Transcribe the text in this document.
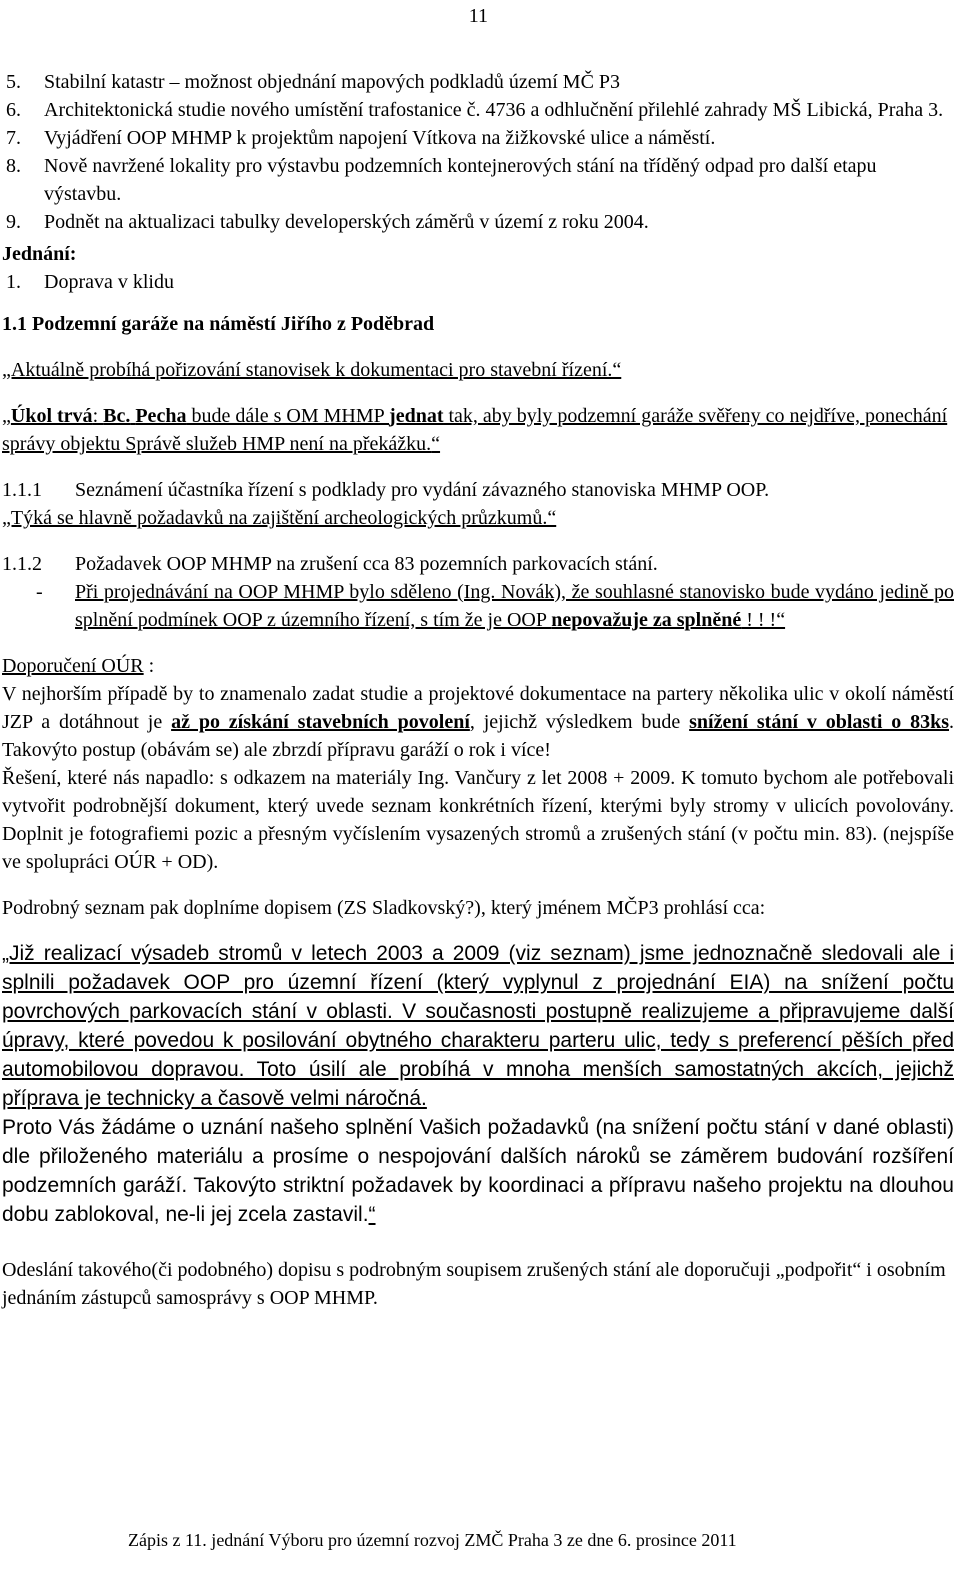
11
5.	Stabilní katastr – možnost objednání mapových podkladů území MČ P3
6.	Architektonická studie nového umístění trafostanice č. 4736 a odhlučnění přilehlé zahrady MŠ Libická, Praha 3.
7.	Vyjádření OOP MHMP k projektům napojení Vítkova na žižkovské ulice a náměstí.
8.	Nově navržené lokality pro výstavbu podzemních kontejnerových stání na tříděný odpad pro další etapu výstavbu.
9.	Podnět na aktualizaci tabulky developerských záměrů v území z roku 2004.

Jednání:

1.	Doprava v klidu

1.1 Podzemní garáže na náměstí Jiřího z Poděbrad

„Aktuálně probíhá pořizování stanovisek k dokumentaci pro stavební řízení.“

„Úkol trvá: Bc. Pecha bude dále s OM MHMP jednat tak, aby byly podzemní garáže svěřeny co nejdříve, ponechání správy objektu Správě služeb HMP není na překážku.“

1.1.1	Seznámení účastníka řízení s podklady pro vydání závazného stanoviska MHMP OOP.

„Týká se hlavně požadavků na zajištění archeologických průzkumů.“

1.1.2	Požadavek OOP MHMP na zrušení cca 83 pozemních parkovacích stání.
-	Při projednávání na OOP MHMP bylo sděleno (Ing. Novák), že souhlasné stanovisko bude vydáno jedině po splnění podmínek OOP z územního řízení, s tím že je OOP nepovažuje za splněné ! ! !“

Doporučení OÚR :

V nejhorším případě by to znamenalo zadat studie a projektové dokumentace na partery několika ulic v okolí náměstí JZP a dotáhnout je až po získání stavebních povolení, jejichž výsledkem bude snížení stání v oblasti o 83ks. Takovýto postup (obávám se) ale zbrzdí přípravu garáží o rok i více!

Řešení, které nás napadlo: s odkazem na materiály Ing. Vančury z let 2008 + 2009. K tomuto bychom ale potřebovali vytvořit podrobnější dokument, který uvede seznam konkrétních řízení, kterými byly stromy v ulicích povolovány. Doplnit je fotografiemi pozic a přesným vyčíslením vysazených stromů a zrušených stání (v počtu min. 83). (nejspíše ve spolupráci OÚR + OD).

Podrobný seznam pak doplníme dopisem (ZS Sladkovský?), který jménem MČP3 prohlásí cca:

„Již realizací výsadeb stromů v letech 2003 a 2009 (viz seznam) jsme jednoznačně sledovali ale i splnili požadavek OOP pro územní řízení (který vyplynul z projednání EIA) na snížení počtu povrchových parkovacích stání v oblasti. V současnosti postupně realizujeme a připravujeme další úpravy, které povedou k posilování obytného charakteru parteru ulic, tedy s preferencí pěších před automobilovou dopravou. Toto úsilí ale probíhá v mnoha menších samostatných akcích, jejichž příprava je technicky a časově velmi náročná.

Proto Vás žádáme o uznání našeho splnění Vašich požadavků (na snížení počtu stání v dané oblasti) dle přiloženého materiálu a prosíme o nespojování dalších nároků se záměrem budování rozšíření podzemních garáží. Takovýto striktní požadavek by koordinaci a přípravu našeho projektu na dlouhou dobu zablokoval, ne-li jej zcela zastavil.“

Odeslání takového(či podobného) dopisu s podrobným soupisem zrušených stání ale doporučuji „podpořit“ i osobním jednáním zástupců samosprávy s OOP MHMP.

Zápis z 11. jednání Výboru pro územní rozvoj ZMČ Praha 3 ze dne 6. prosince 2011
